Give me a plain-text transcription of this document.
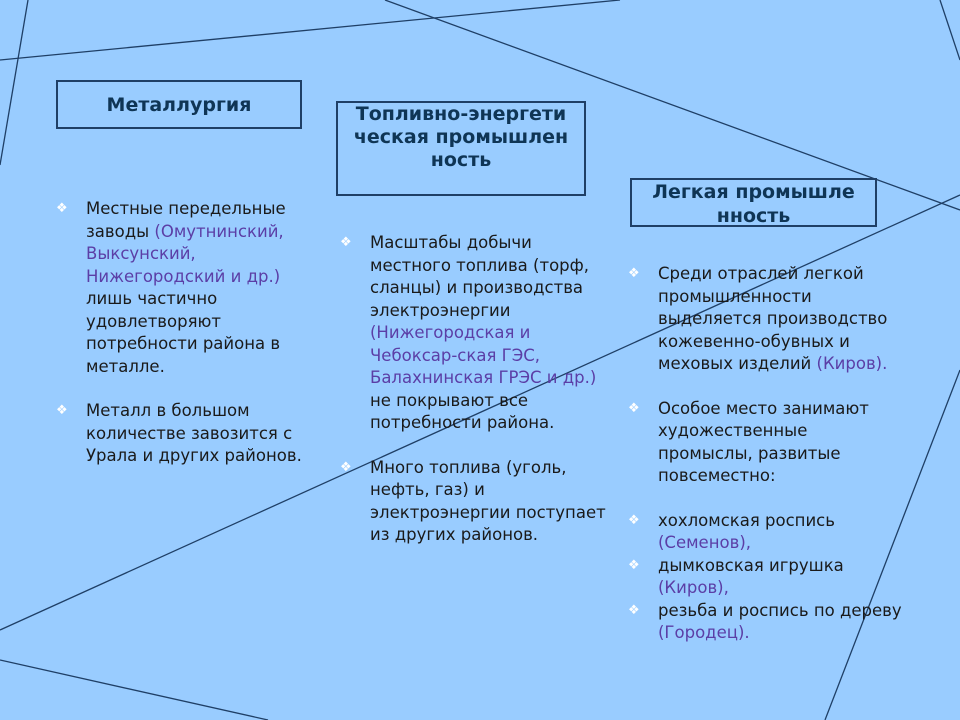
Металлургия	Топливно-энергетическая промышленность
Легкая промышленность
❖ Местные передельные заводы (Омутнинский, Выксунский, Нижегородский и др.) лишь частично удовлетворяют потребности района в металле.
❖ Металл в большом количестве завозится с Урала и других районов.
❖ Масштабы добычи местного топлива (торф, сланцы) и производства электроэнергии (Нижегородская и Чебоксар-ская ГЭС, Балахнинская ГРЭС и др.) не покрывают все потребности района.
❖ Много топлива (уголь, нефть, газ) и электроэнергии поступает из других районов.
❖ Среди отраслей легкой промышленности выделяется производство кожевенно-обувных и меховых изделий (Киров).
❖ Особое место занимают художественные промыслы, развитые повсеместно:
❖ хохломская роспись (Семенов),
❖ дымковская игрушка (Киров),
❖ резьба и роспись по дереву (Городец).
